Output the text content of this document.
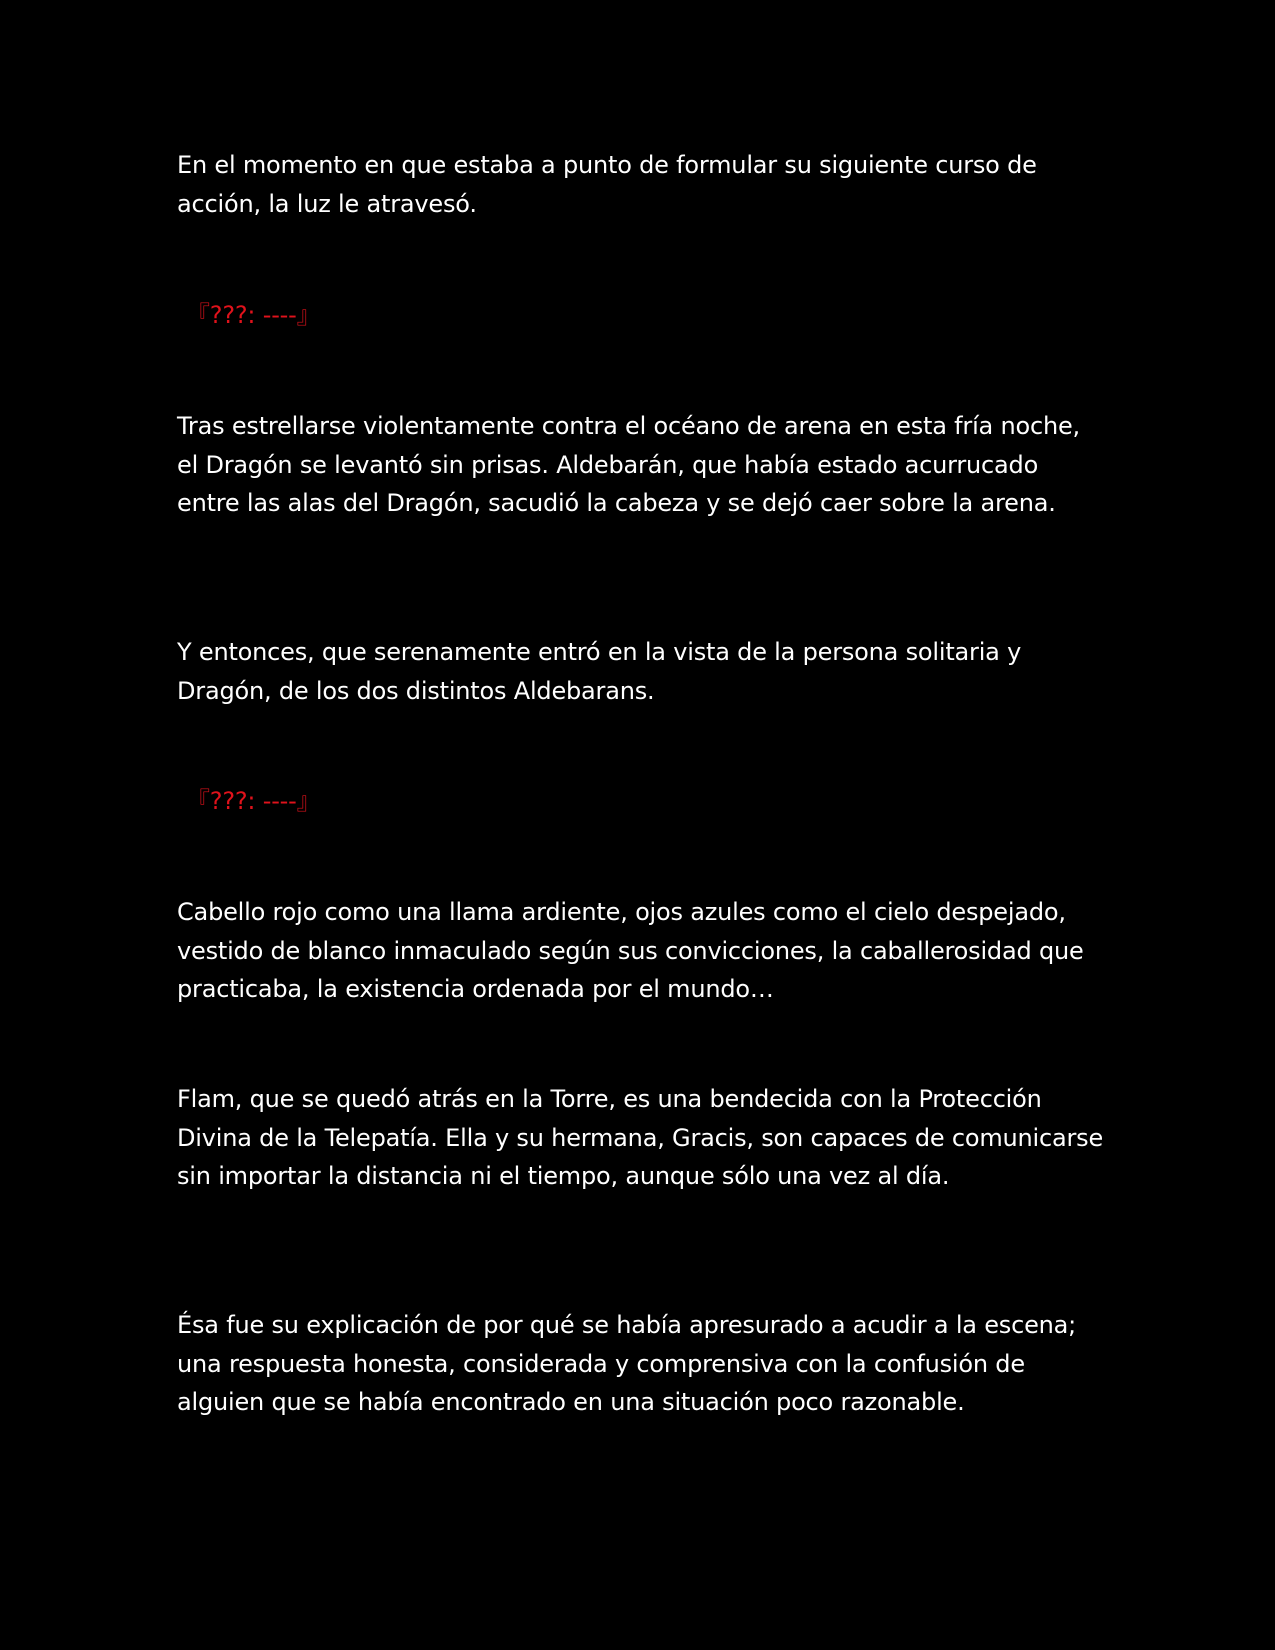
En el momento en que estaba a punto de formular su siguiente curso de acción, la luz le atravesó.

『???: ----』

Tras estrellarse violentamente contra el océano de arena en esta fría noche, el Dragón se levantó sin prisas. Aldebarán, que había estado acurrucado entre las alas del Dragón, sacudió la cabeza y se dejó caer sobre la arena.

Y entonces, que serenamente entró en la vista de la persona solitaria y Dragón, de los dos distintos Aldebarans.

『???: ----』

Cabello rojo como una llama ardiente, ojos azules como el cielo despejado, vestido de blanco inmaculado según sus convicciones, la caballerosidad que practicaba, la existencia ordenada por el mundo…

Flam, que se quedó atrás en la Torre, es una bendecida con la Protección Divina de la Telepatía. Ella y su hermana, Gracis, son capaces de comunicarse sin importar la distancia ni el tiempo, aunque sólo una vez al día.

Ésa fue su explicación de por qué se había apresurado a acudir a la escena; una respuesta honesta, considerada y comprensiva con la confusión de alguien que se había encontrado en una situación poco razonable.
